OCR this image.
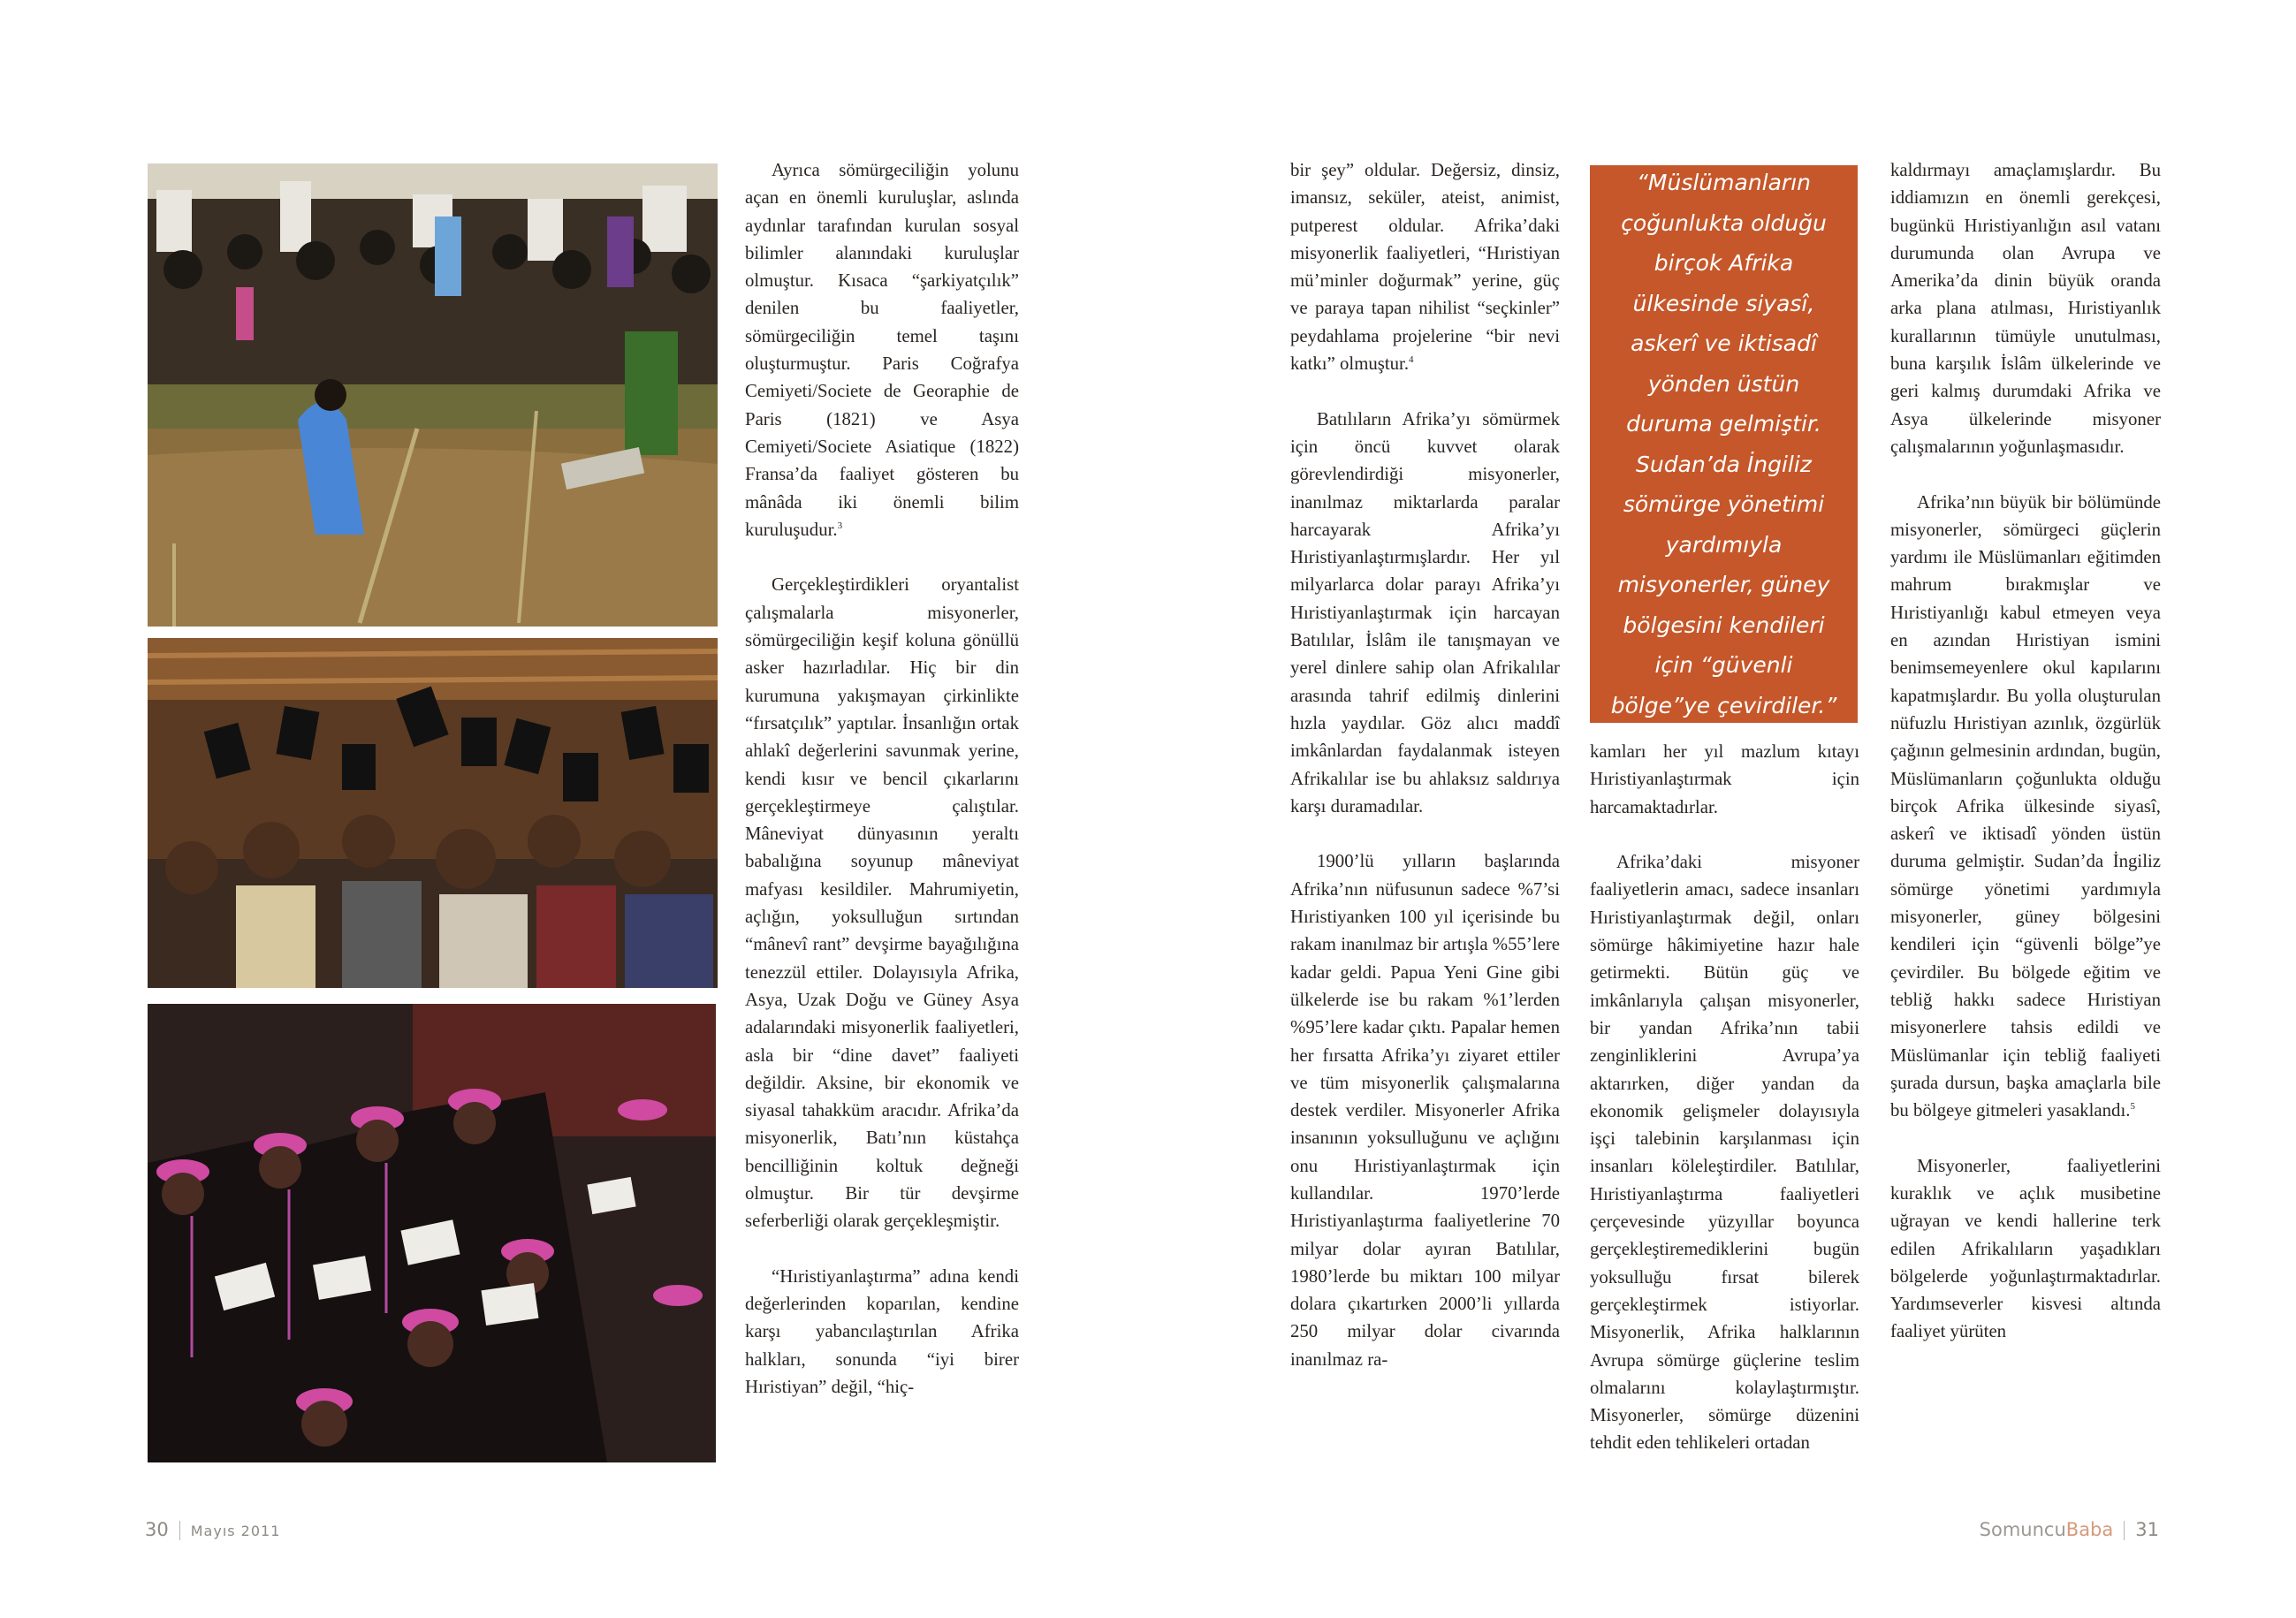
Ayrıca sömürgeciliğin yolunu açan en önemli kuruluşlar, aslında aydınlar tarafından kurulan sosyal bilimler alanındaki kuruluşlar olmuştur. Kısaca “şarkiyatçılık” denilen bu faaliyetler, sömürgeciliğin temel taşını oluşturmuştur. Paris Coğrafya Cemiyeti/Societe de Georaphie de Paris (1821) ve Asya Cemiyeti/Societe Asiatique (1822) Fransa’da faaliyet gösteren bu mânâda iki önemli bilim kuruluşudur.$^3$

Gerçekleştirdikleri oryantalist çalışmalarla misyonerler, sömürgeciliğin keşif koluna gönüllü asker hazırladılar. Hiç bir din kurumuna yakışmayan çirkinlikte “fırsatçılık” yaptılar. İnsanlığın ortak ahlakî değerlerini savunmak yerine, kendi kısır ve bencil çıkarlarını gerçekleştirmeye çalıştılar. Mâneviyat dünyasının yeraltı babalığına soyunup mâneviyat mafyası kesildiler. Mahrumiyetin, açlığın, yoksulluğun sırtından “mânevî rant” devşirme bayağılığına tenezzül ettiler. Dolayısıyla Afrika, Asya, Uzak Doğu ve Güney Asya adalarındaki misyonerlik faaliyetleri, asla bir “dine davet” faaliyeti değildir. Aksine, bir ekonomik ve siyasal tahakküm aracıdır. Afrika’da misyonerlik, Batı’nın küstahça bencilliğinin koltuk değneği olmuştur. Bir tür devşirme seferberliği olarak gerçekleşmiştir.

“Hıristiyanlaştırma” adına kendi değerlerinden koparılan, kendine karşı yabancılaştırılan Afrika halkları, sonunda “iyi birer Hıristiyan” değil, “hiç-

bir şey” oldular. Değersiz, dinsiz, imansız, seküler, ateist, animist, putperest oldular. Afrika’daki misyonerlik faaliyetleri, “Hıristiyan mü’minler doğurmak” yerine, güç ve paraya tapan nihilist “seçkinler” peydahlama projelerine “bir nevi katkı” olmuştur.$^4$

Batılıların Afrika’yı sömürmek için öncü kuvvet olarak görevlendirdiği misyonerler, inanılmaz miktarlarda paralar harcayarak Afrika’yı Hıristiyanlaştırmışlardır. Her yıl milyarlarca dolar parayı Afrika’yı Hıristiyanlaştırmak için harcayan Batılılar, İslâm ile tanışmayan ve yerel dinlere sahip olan Afrikalılar arasında tahrif edilmiş dinlerini hızla yaydılar. Göz alıcı maddî imkânlardan faydalanmak isteyen Afrikalılar ise bu ahlaksız saldırıya karşı duramadılar.

1900’lü yılların başlarında Afrika’nın nüfusunun sadece %7’si Hıristiyanken 100 yıl içerisinde bu rakam inanılmaz bir artışla %55’lere kadar geldi. Papua Yeni Gine gibi ülkelerde ise bu rakam %1’lerden %95’lere kadar çıktı. Papalar hemen her fırsatta Afrika’yı ziyaret ettiler ve tüm misyonerlik çalışmalarına destek verdiler. Misyonerler Afrika insanının yoksulluğunu ve açlığını onu Hıristiyanlaştırmak için kullandılar. 1970’lerde Hıristiyanlaştırma faaliyetlerine 70 milyar dolar ayıran Batılılar, 1980’lerde bu miktarı 100 milyar dolara çıkartırken 2000’li yıllarda 250 milyar dolar civarında inanılmaz ra-

“Müslümanların çoğunlukta olduğu birçok Afrika ülkesinde siyasî, askerî ve iktisadî yönden üstün duruma gelmiştir. Sudan’da İngiliz sömürge yönetimi yardımıyla misyonerler, güney bölgesini kendileri için “güvenli bölge”ye çevirdiler.”

kamları her yıl mazlum kıtayı Hıristiyanlaştırmak için harcamaktadırlar.

Afrika’daki misyoner faaliyetlerin amacı, sadece insanları Hıristiyanlaştırmak değil, onları sömürge hâkimiyetine hazır hale getirmekti. Bütün güç ve imkânlarıyla çalışan misyonerler, bir yandan Afrika’nın tabii zenginliklerini Avrupa’ya aktarırken, diğer yandan da ekonomik gelişmeler dolayısıyla işçi talebinin karşılanması için insanları köleleştirdiler. Batılılar, Hıristiyanlaştırma faaliyetleri çerçevesinde yüzyıllar boyunca gerçekleştiremediklerini bugün yoksulluğu fırsat bilerek gerçekleştirmek istiyorlar. Misyonerlik, Afrika halklarının Avrupa sömürge güçlerine teslim olmalarını kolaylaştırmıştır. Misyonerler, sömürge düzenini tehdit eden tehlikeleri ortadan

kaldırmayı amaçlamışlardır. Bu iddiamızın en önemli gerekçesi, bugünkü Hıristiyanlığın asıl vatanı durumunda olan Avrupa ve Amerika’da dinin büyük oranda arka plana atılması, Hıristiyanlık kurallarının tümüyle unutulması, buna karşılık İslâm ülkelerinde ve geri kalmış durumdaki Afrika ve Asya ülkelerinde misyoner çalışmalarının yoğunlaşmasıdır.

Afrika’nın büyük bir bölümünde misyonerler, sömürgeci güçlerin yardımı ile Müslümanları eğitimden mahrum bırakmışlar ve Hıristiyanlığı kabul etmeyen veya en azından Hıristiyan ismini benimsemeyenlere okul kapılarını kapatmışlardır. Bu yolla oluşturulan nüfuzlu Hıristiyan azınlık, özgürlük çağının gelmesinin ardından, bugün, Müslümanların çoğunlukta olduğu birçok Afrika ülkesinde siyasî, askerî ve iktisadî yönden üstün duruma gelmiştir. Sudan’da İngiliz sömürge yönetimi yardımıyla misyonerler, güney bölgesini kendileri için “güvenli bölge”ye çevirdiler. Bu bölgede eğitim ve tebliğ hakkı sadece Hıristiyan misyonerlere tahsis edildi ve Müslümanlar için tebliğ faaliyeti şurada dursun, başka amaçlarla bile bu bölgeye gitmeleri yasaklandı.$^5$

Misyonerler, faaliyetlerini kuraklık ve açlık musibetine uğrayan ve kendi hallerine terk edilen Afrikalıların yaşadıkları bölgelerde yoğunlaştırmaktadırlar. Yardımseverler kisvesi altında faaliyet yürüten

30 Mayıs 2011	SomuncuBaba 31
